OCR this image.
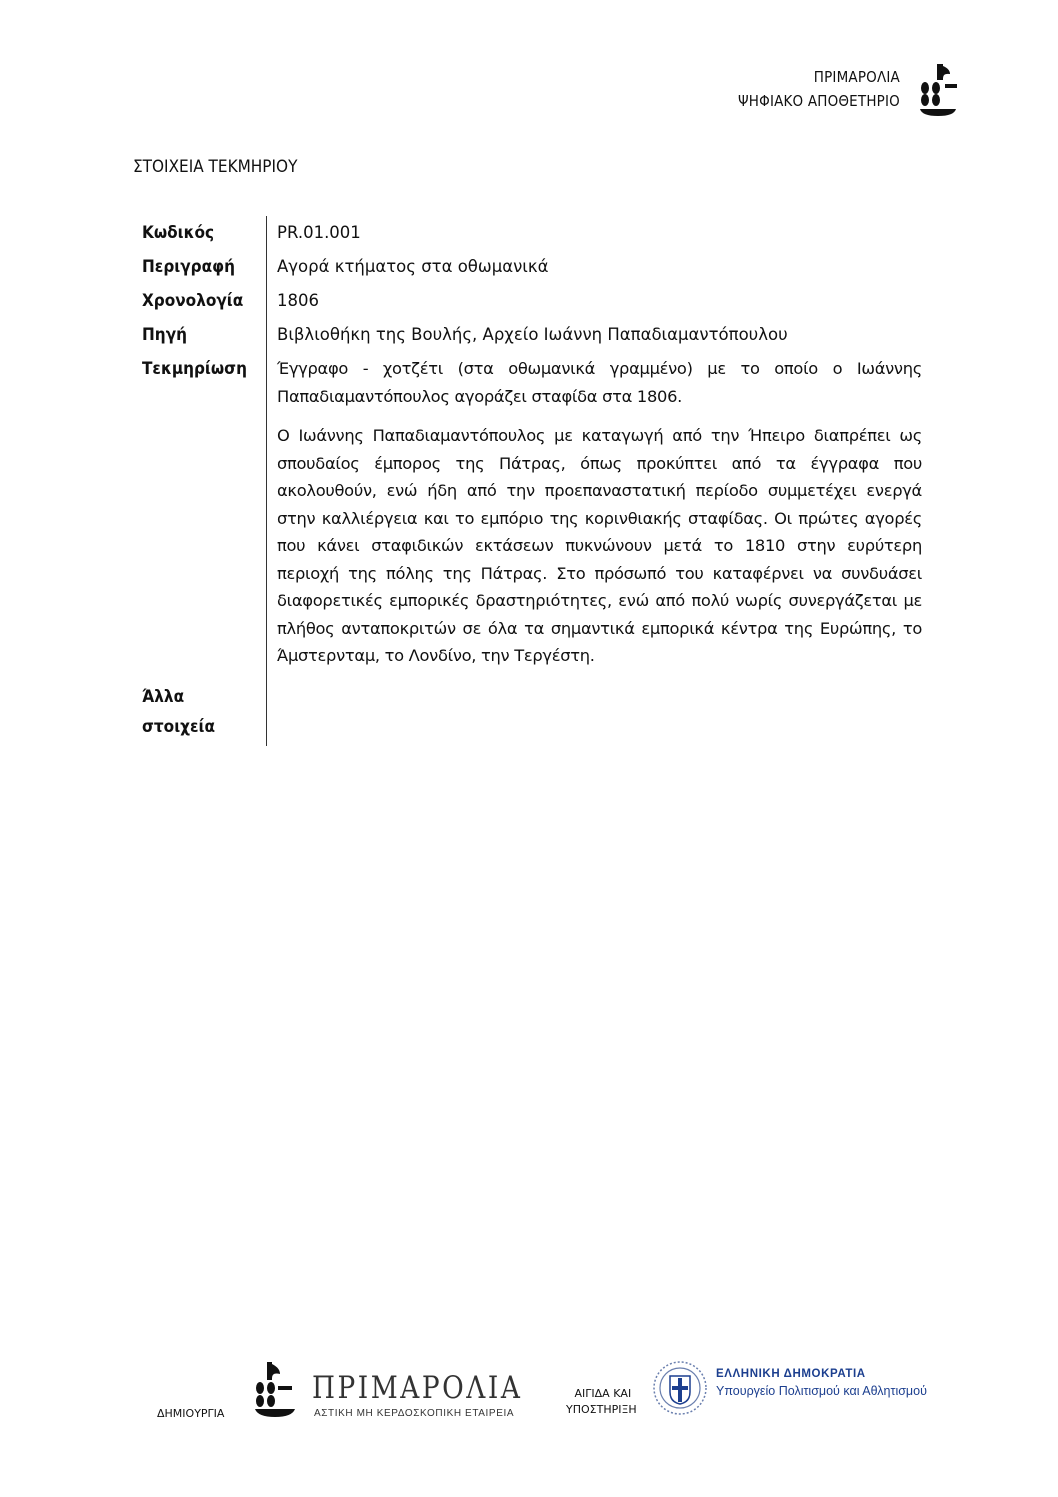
ΠΡΙΜΑΡΟΛΙΑ
ΨΗΦΙΑΚΟ ΑΠΟΘΕΤΗΡΙΟ
ΣΤΟΙΧΕΙΑ ΤΕΚΜΗΡΙΟΥ
Κωδικός	PR.01.001
Περιγραφή	Αγορά κτήματος στα οθωμανικά
Χρονολογία	1806
Πηγή	Βιβλιοθήκη της Βουλής, Αρχείο Ιωάννη Παπαδιαμαντόπουλου
Τεκμηρίωση	Έγγραφο - χοτζέτι (στα οθωμανικά γραμμένο) με το οποίο ο Ιωάννης Παπαδιαμαντόπουλος αγοράζει σταφίδα στα 1806.

Ο Ιωάννης Παπαδιαμαντόπουλος με καταγωγή από την Ήπειρο διαπρέπει ως σπουδαίος έμπορος της Πάτρας, όπως προκύπτει από τα έγγραφα που ακολουθούν, ενώ ήδη από την προεπαναστατική περίοδο συμμετέχει ενεργά στην καλλιέργεια και το εμπόριο της κορινθιακής σταφίδας. Οι πρώτες αγορές που κάνει σταφιδικών εκτάσεων πυκνώνουν μετά το 1810 στην ευρύτερη περιοχή της πόλης της Πάτρας. Στο πρόσωπό του καταφέρνει να συνδυάσει διαφορετικές εμπορικές δραστηριότητες, ενώ από πολύ νωρίς συνεργάζεται με πλήθος ανταποκριτών σε όλα τα σημαντικά εμπορικά κέντρα της Ευρώπης, το Άμστερνταμ, το Λονδίνο, την Τεργέστη.

Άλλα
στοιχεία
ΔΗΜΙΟΥΡΓΙΑ
ΠΡΙΜΑΡΟΛΙΑ
ΑΣΤΙΚΗ ΜΗ ΚΕΡΔΟΣΚΟΠΙΚΗ ΕΤΑΙΡΕΙΑ
ΑΙΓΙΔΑ ΚΑΙ
ΥΠΟΣΤΗΡΙΞΗ
ΕΛΛΗΝΙΚΗ ΔΗΜΟΚΡΑΤΙΑ
Υπουργείο Πολιτισμού και Αθλητισμού
